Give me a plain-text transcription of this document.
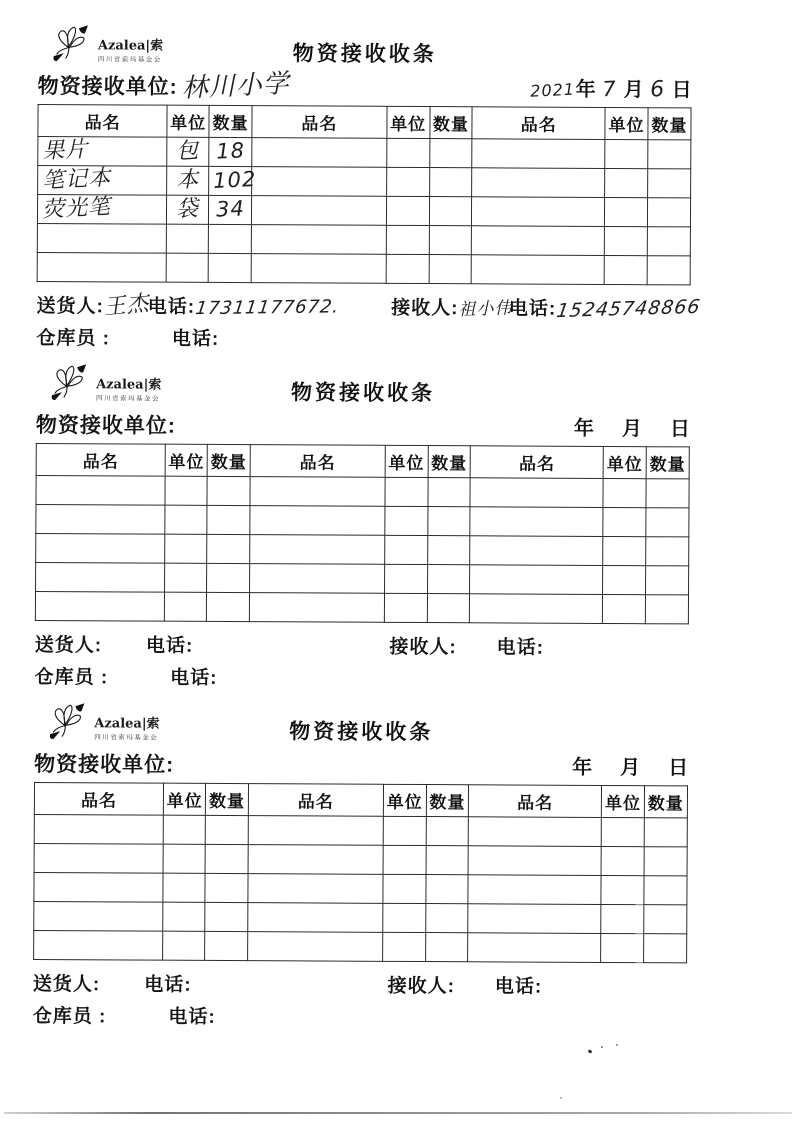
Azalea|索
四川省索玛基金会	物资接收收条
物资接收单位: 林川小学	2021 年 7 月 6 日
品名	单位	数量	品名	单位	数量	品名	单位	数量
果片	包	18						
笔记本	本	102						
荧光笔	袋	34						

送货人:
王杰
电话:
17311177672.	接收人: 祖小伟
电话:
15245748866
仓库员 :	电话:
Azalea|索
四川省索玛基金会	物资接收收条
物资接收单位:	年 月 日
品名	单位	数量	品名	单位	数量	品名	单位	数量

送货人: 电话:	接收人: 电话:
仓库员 :	电话:
Azalea|索
四川省索玛基金会	物资接收收条
物资接收单位:	年 月 日
品名	单位	数量	品名	单位	数量	品名	单位	数量

送货人: 电话:	接收人: 电话:
仓库员 :	电话:
